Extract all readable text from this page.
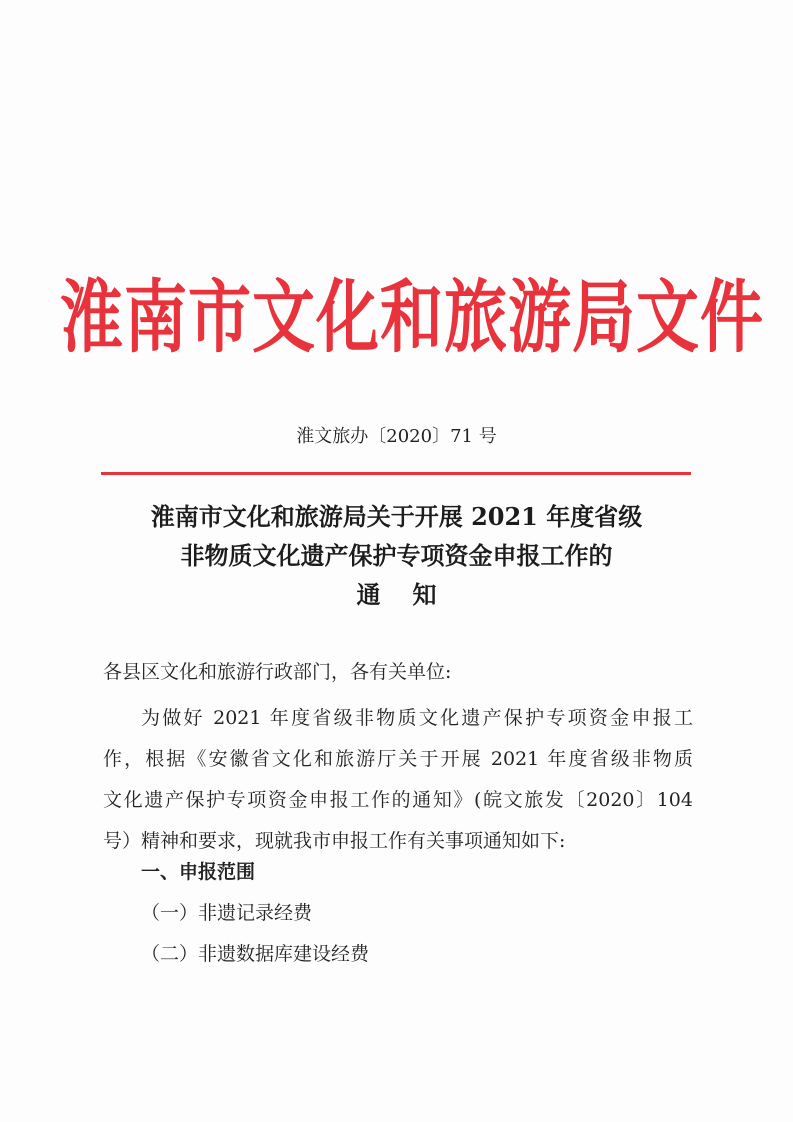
淮南市文化和旅游局文件
淮文旅办〔2020〕71 号
淮南市文化和旅游局关于开展 2021 年度省级
非物质文化遗产保护专项资金申报工作的
通知
各县区文化和旅游行政部门，各有关单位:
为做好 2021 年度省级非物质文化遗产保护专项资金申报工
作，根据《安徽省文化和旅游厅关于开展 2021 年度省级非物质
文化遗产保护专项资金申报工作的通知》(皖文旅发〔2020〕104
号）精神和要求，现就我市申报工作有关事项通知如下:
一、申报范围
（一）非遗记录经费
（二）非遗数据库建设经费
